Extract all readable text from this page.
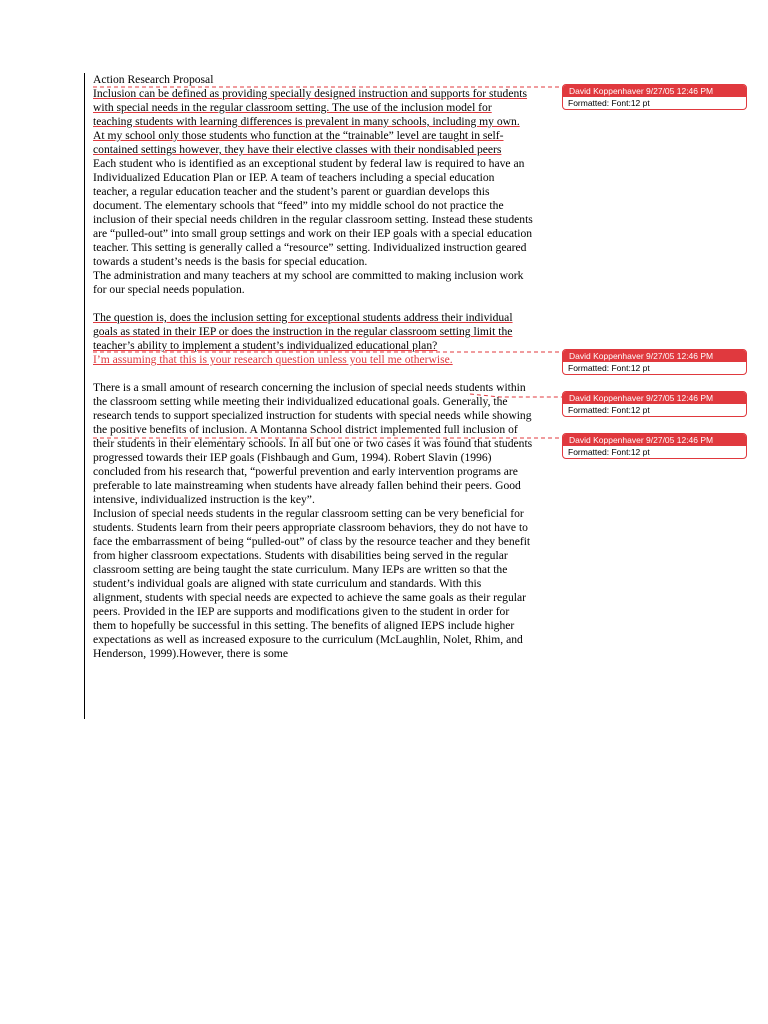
Action Research Proposal

Inclusion can be defined as providing specially designed instruction and supports for students with special needs in the regular classroom setting. The use of the inclusion model for teaching students with learning differences is prevalent in many schools, including my own. At my school only those students who function at the “trainable” level are taught in self-contained settings however, they have their elective classes with their nondisabled peers

Each student who is identified as an exceptional student by federal law is required to have an Individualized Education Plan or IEP. A team of teachers including a special education teacher, a regular education teacher and the student’s parent or guardian develops this document. The elementary schools that “feed” into my middle school do not practice the inclusion of their special needs children in the regular classroom setting. Instead these students are “pulled-out” into small group settings and work on their IEP goals with a special education teacher. This setting is generally called a “resource” setting. Individualized instruction geared towards a student’s needs is the basis for special education.

The administration and many teachers at my school are committed to making inclusion work for our special needs population.

The question is, does the inclusion setting for exceptional students address their individual goals as stated in their IEP or does the instruction in the regular classroom setting limit the teacher’s ability to implement a student’s individualized educational plan?

I’m assuming that this is your research question unless you tell me otherwise.

There is a small amount of research concerning the inclusion of special needs students within the classroom setting while meeting their individualized educational goals. Generally, the research tends to support specialized instruction for students with special needs while showing the positive benefits of inclusion. A Montanna School district implemented full inclusion of their students in their elementary schools. In all but one or two cases it was found that students progressed towards their IEP goals (Fishbaugh and Gum, 1994). Robert Slavin (1996) concluded from his research that, “powerful prevention and early intervention programs are preferable to late mainstreaming when students have already fallen behind their peers. Good intensive, individualized instruction is the key”.

Inclusion of special needs students in the regular classroom setting can be very beneficial for students. Students learn from their peers appropriate classroom behaviors, they do not have to face the embarrassment of being “pulled-out” of class by the resource teacher and they benefit from higher classroom expectations. Students with disabilities being served in the regular classroom setting are being taught the state curriculum. Many IEPs are written so that the student’s individual goals are aligned with state curriculum and standards. With this alignment, students with special needs are expected to achieve the same goals as their regular peers. Provided in the IEP are supports and modifications given to the student in order for them to hopefully be successful in this setting. The benefits of aligned IEPS include higher expectations as well as increased exposure to the curriculum (McLaughlin, Nolet, Rhim, and Henderson, 1999).However, there is some

David Koppenhaver 9/27/05 12:46 PM
Formatted: Font:12 pt
David Koppenhaver 9/27/05 12:46 PM
Formatted: Font:12 pt
David Koppenhaver 9/27/05 12:46 PM
Formatted: Font:12 pt
David Koppenhaver 9/27/05 12:46 PM
Formatted: Font:12 pt
